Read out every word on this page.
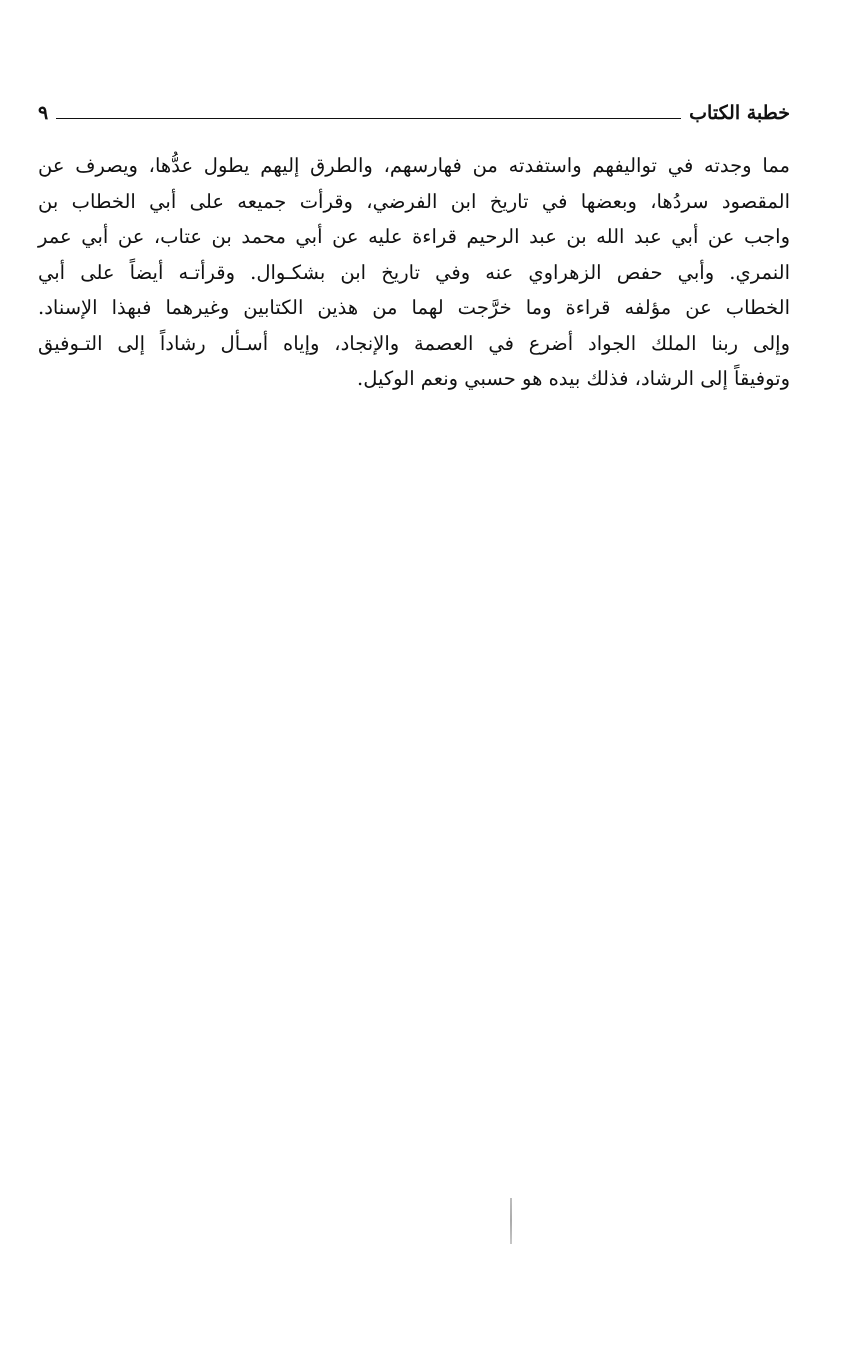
خطبة الكتاب
٩

مما وجدته في تواليفهم واستفدته من فهارسهم، والطرق إليهم يطول عدُّها، ويصرف عن
المقصود سردُها، وبعضها في تاريخ ابن الفرضي، وقرأت جميعه على أبي الخطاب بن
واجب عن أبي عبد الله بن عبد الرحيم قراءة عليه عن أبي محمد بن عتاب، عن أبي عمر
النمري. وأبي حفص الزهراوي عنه وفي تاريخ ابن بشكـوال. وقرأتـه أيضاً على أبي
الخطاب عن مؤلفه قراءة وما خرَّجت لهما من هذين الكتابين وغيرهما فبهذا الإسناد.
وإلى ربنا الملك الجواد أضرع في العصمة والإنجاد، وإياه أسـأل رشاداً إلى التـوفيق
وتوفيقاً إلى الرشاد، فذلك بيده هو حسبي ونعم الوكيل.
